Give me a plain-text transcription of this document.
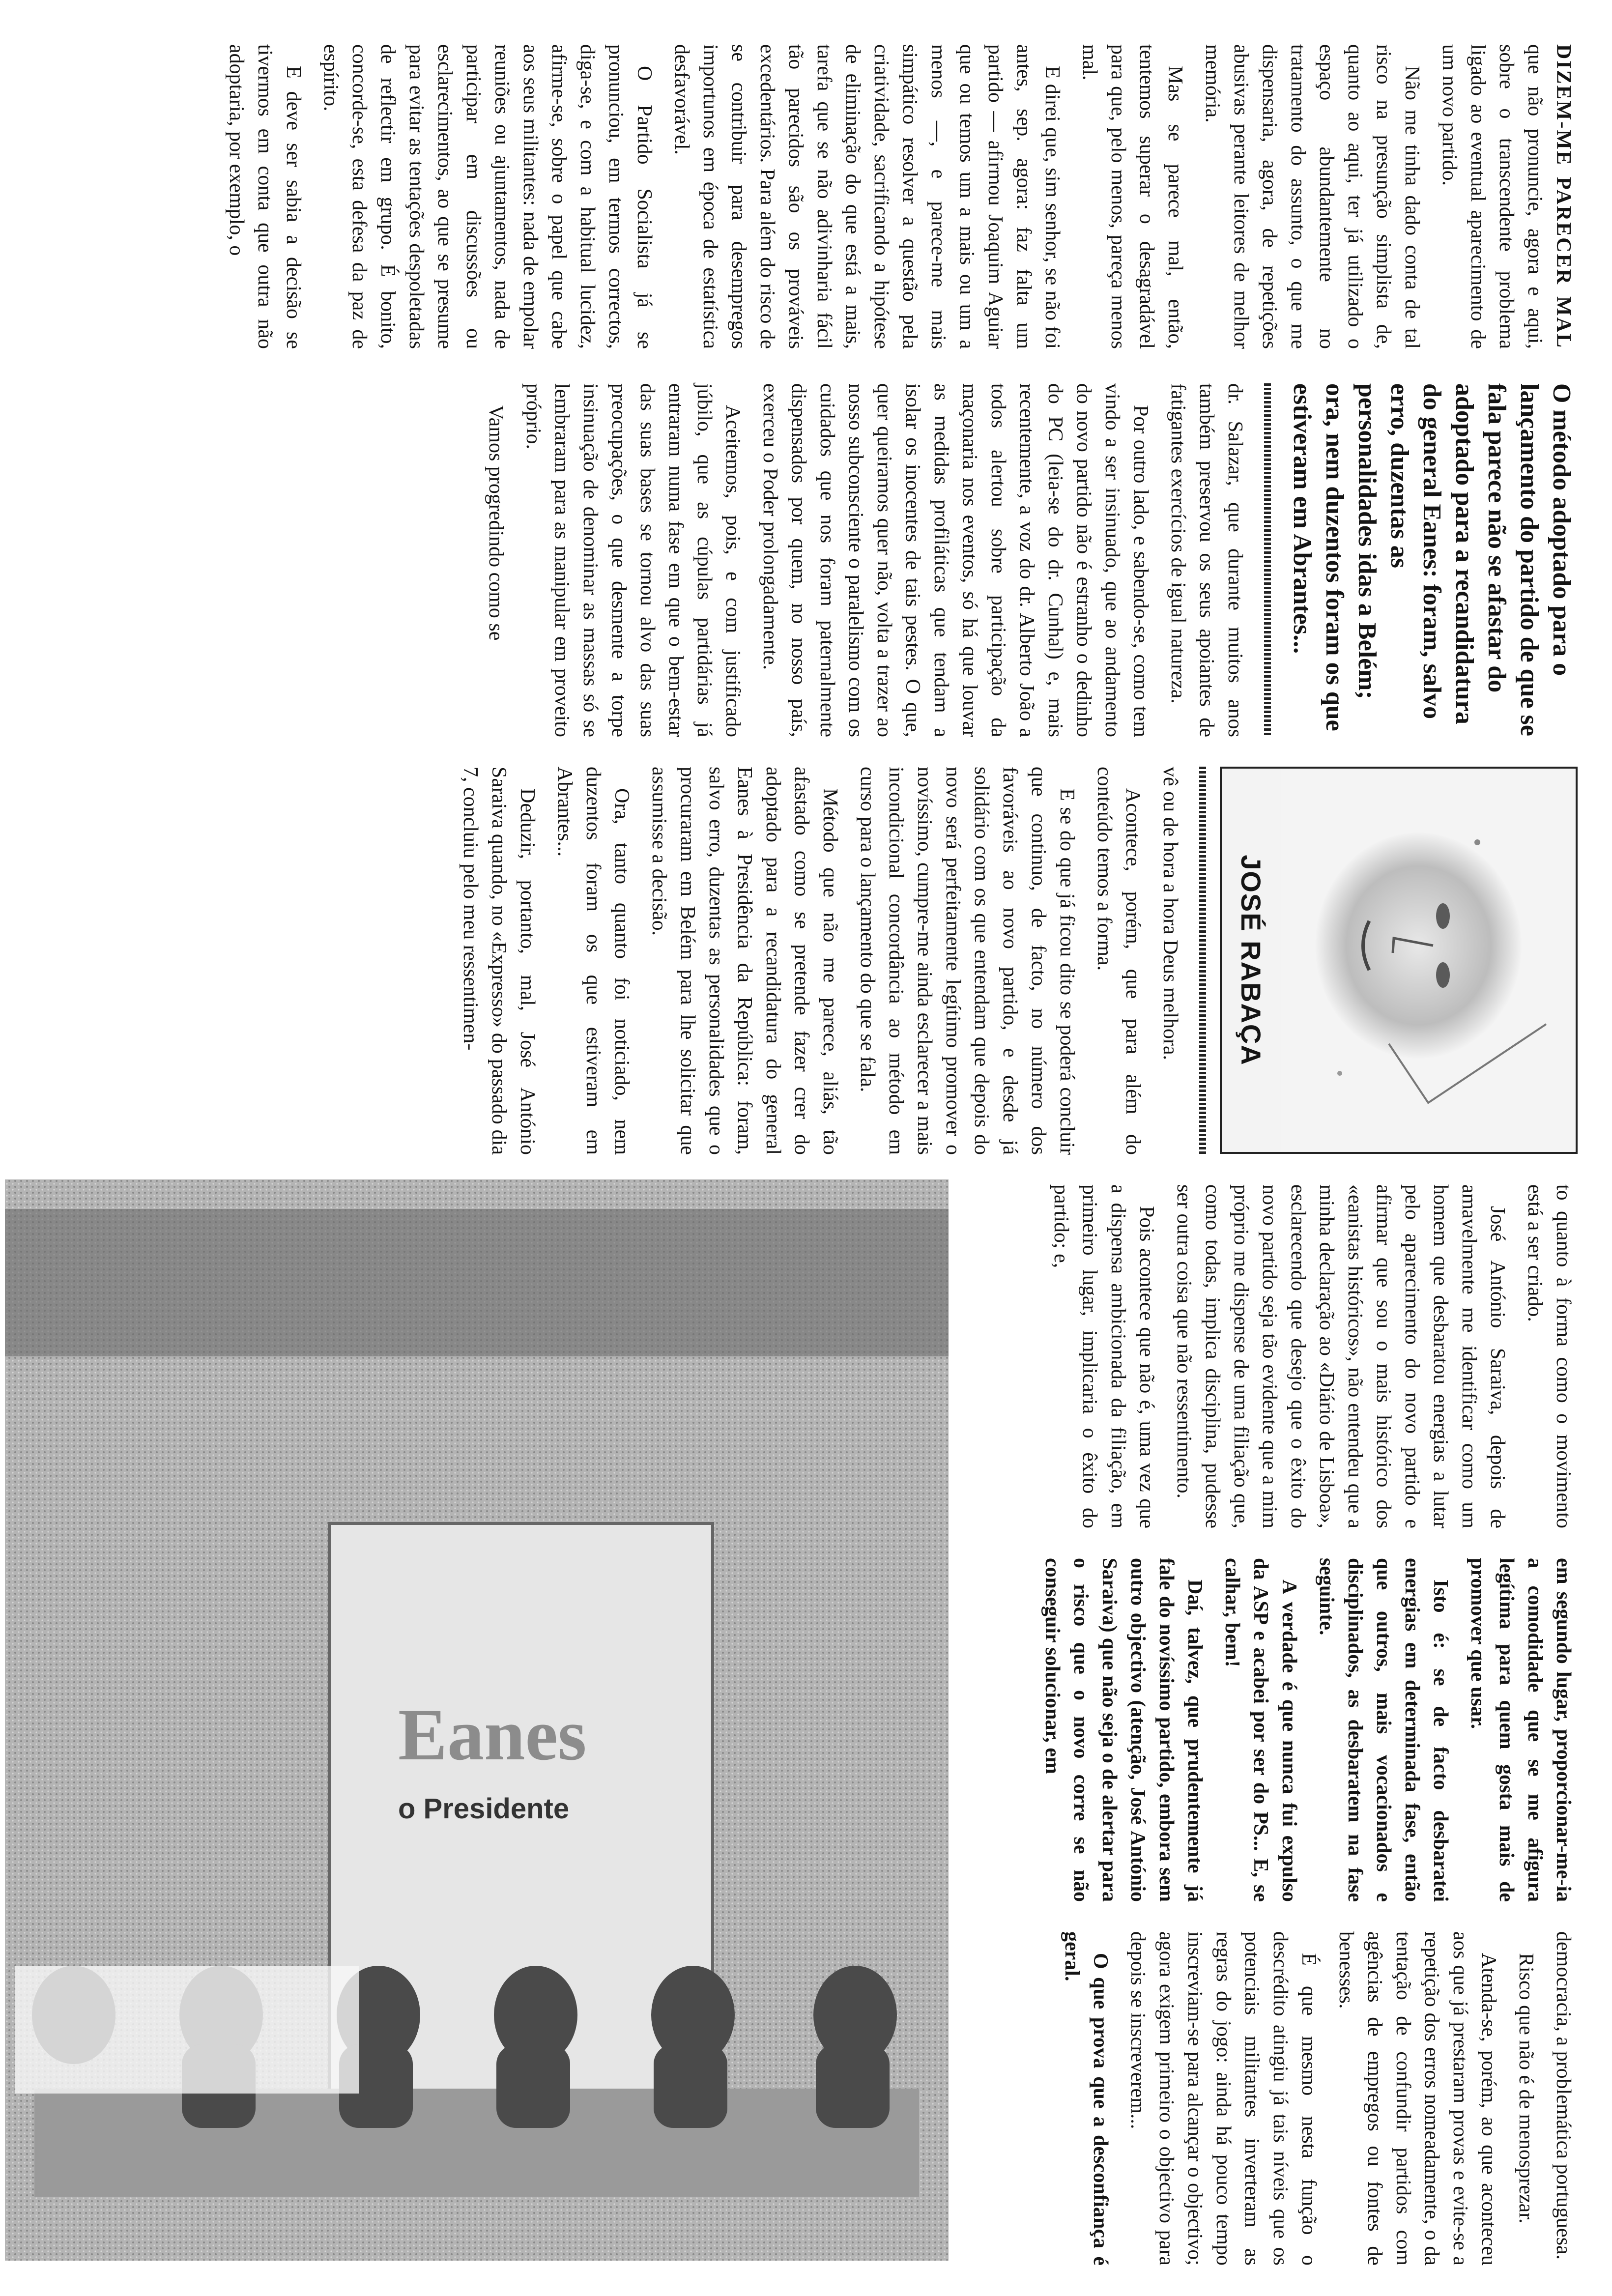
DIZEM-ME PARECER MAL que não pronuncie, agora e aqui, sobre o transcendente problema ligado ao eventual aparecimento de um novo partido.

Não me tinha dado conta de tal risco na presunção simplista de, quanto ao aqui, ter já utilizado o espaço abundantemente no tratamento do assunto, o que me dispensaria, agora, de repetições abusivas perante leitores de melhor memória.

Mas se parece mal, então, tentemos superar o desagradável para que, pelo menos, pareça menos mal.

E direi que, sim senhor, se não foi antes, sep. agora: faz falta um partido — afirmou Joaquim Aguiar que ou temos um a mais ou um a menos —, e parece-me mais simpático resolver a questão pela criatividade, sacrificando a hipótese de eliminação do que está a mais, tarefa que se não adivinharia fácil tão parecidos são os prováveis excedentários. Para além do risco de se contribuir para desempregos importunos em época de estatística desfavorável.

O Partido Socialista já se pronunciou, em termos correctos, diga-se, e com a habitual lucidez, afirme-se, sobre o papel que cabe aos seus militantes: nada de empolar reuniões ou ajuntamentos, nada de participar em discussões ou esclarecimentos, ao que se presume para evitar as tentações despoletadas de reflectir em grupo. É bonito, concorde-se, esta defesa da paz de espírito.

E deve ser sabia a decisão se tivermos em conta que outra não adoptaria, por exemplo, o

O método adoptado para o lançamento do partido de que se fala parece não se afastar do adoptado para a recandidatura do general Eanes: foram, salvo erro, duzentas as personalidades idas a Belém; ora, nem duzentos foram os que estiveram em Abrantes...

dr. Salazar, que durante muitos anos também preservou os seus apoiantes de fatigantes exercícios de igual natureza.

Por outro lado, e sabendo-se, como tem vindo a ser insinuado, que ao andamento do novo partido não é estranho o dedinho do PC (leia-se do dr. Cunhal) e, mais recentemente, a voz do dr. Alberto João a todos alertou sobre participação da maçonaria nos eventos, só há que louvar as medidas profiláticas que tendam a isolar os inocentes de tais pestes. O que, quer queiramos quer não, volta a trazer ao nosso subconsciente o paralelismo com os cuidados que nos foram paternalmente dispensados por quem, no nosso país, exerceu o Poder prolongadamente.

Aceitemos, pois, e com justificado júbilo, que as cúpulas partidárias já entraram numa fase em que o bem-estar das suas bases se tornou alvo das suas preocupações, o que desmente a torpe insinuação de denominar as massas só se lembraram para as manipular em proveito próprio.

Vamos progredindo como se

JOSÉ RABAÇA

vê ou de hora a hora Deus melhora.

Acontece, porém, que para além do conteúdo temos a forma.

E se do que já ficou dito se poderá concluir que continuo, de facto, no número dos favoráveis ao novo partido, e desde já solidário com os que entendam que depois do novo será perfeitamente legítimo promover o novíssimo, cumpre-me ainda esclarecer a mais incondicional concordância ao método em curso para o lançamento do que se fala.

Método que não me parece, aliás, tão afastado como se pretende fazer crer do adoptado para a recandidatura do general Eanes à Presidência da República: foram, salvo erro, duzentas as personalidades que o procuraram em Belém para lhe solicitar que assumisse a decisão.

Ora, tanto quanto foi noticiado, nem duzentos foram os que estiveram em Abrantes...

Deduzir, portanto, mal, José António Saraiva quando, no «Expresso» do passado dia 7, concluiu pelo meu ressentimen-

to quanto à forma como o movimento está a ser criado.

José António Saraiva, depois de amavelmente me identificar como um homem que desbaratou energias a lutar pelo aparecimento do novo partido e afirmar que sou o mais histórico dos «eanistas históricos», não entendeu que a minha declaração ao «Diário de Lisboa», esclarecendo que desejo que o êxito do novo partido seja tão evidente que a mim próprio me dispense de uma filiação que, como todas, implica disciplina, pudesse ser outra coisa que não ressentimento.

Pois acontece que não é, uma vez que a dispensa ambicionada da filiação, em primeiro lugar, implicaria o êxito do partido; e,

em segundo lugar, proporcionar-me-ia a comodidade que se me afigura legítima para quem gosta mais de promover que usar.

Isto é: se de facto desbaratei energias em determinada fase, então que outros, mais vocacionados e disciplinados, as desbaratem na fase seguinte.

A verdade é que nunca fui expulso da ASP e acabei por ser do PS... E, se calhar, bem!

Daí, talvez, que prudentemente já fale do novíssimo partido, embora sem outro objectivo (atenção, José António Saraiva) que não seja o de alertar para o risco que o novo corre se não conseguir solucionar, em

democracia, a problemática portuguesa.

Risco que não é de menosprezar.

Atenda-se, porém, ao que aconteceu aos que já prestaram provas e evite-se a repetição dos erros nomeadamente, o da tentação de confundir partidos com agências de empregos ou fontes de benesses.

É que mesmo nesta função o descrédito atingiu já tais níveis que os potenciais militantes inverteram as regras do jogo: ainda há pouco tempo inscreviam-se para alcançar o objectivo; agora exigem primeiro o objectivo para depois se inscreverem...

O que prova que a desconfiança é geral.

Eanes
o Presidente
